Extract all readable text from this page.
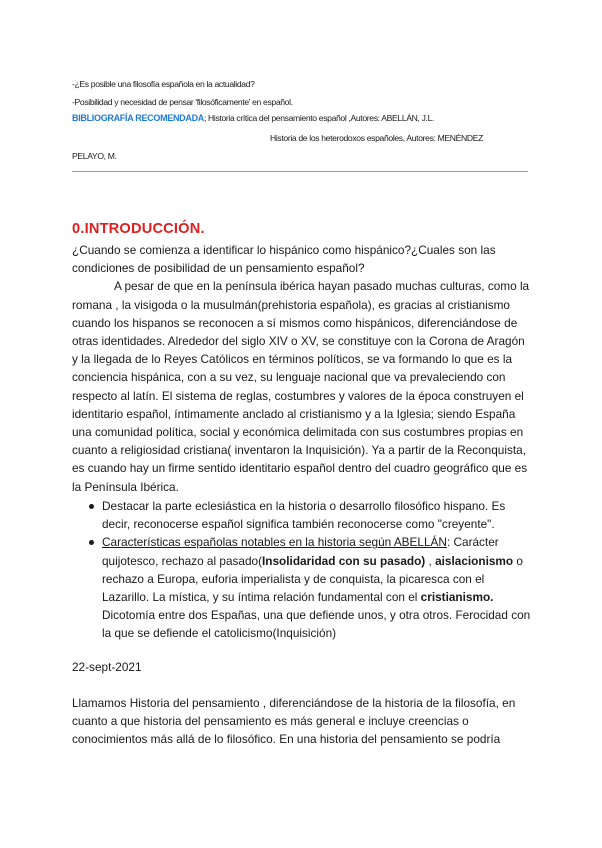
-¿Es posible una filosofía española en la actualidad?
-Posibilidad y necesidad de pensar 'filosóficamente' en español.
BIBLIOGRAFÍA RECOMENDADA; Historia crítica del pensamiento español ,Autores: ABELLÁN, J.L.
Historia de los heterodoxos españoles, Autores: MENÉNDEZ
PELAYO, M.
0.INTRODUCCIÓN.

¿Cuando se comienza a identificar lo hispánico como hispánico?¿Cuales son las condiciones de posibilidad de un pensamiento español?

A pesar de que en la península ibérica hayan pasado muchas culturas, como la romana , la visigoda o la musulmán(prehistoria española), es gracias al cristianismo cuando los hispanos se reconocen a sí mismos como hispánicos, diferenciándose de otras identidades. Alrededor del siglo XIV o XV, se constituye con la Corona de Aragón y la llegada de lo Reyes Católicos en términos políticos, se va formando lo que es la conciencia hispánica, con a su vez, su lenguaje nacional que va prevaleciendo con respecto al latín. El sistema de reglas, costumbres y valores de la época construyen el identitario español, íntimamente anclado al cristianismo y a la Iglesia; siendo España una comunidad política, social y económica delimitada con sus costumbres propias en cuanto a religiosidad cristiana( inventaron la Inquisición). Ya a partir de la Reconquista, es cuando hay un firme sentido identitario español dentro del cuadro geográfico que es la Península Ibérica.

Destacar la parte eclesiástica en la historia o desarrollo filosófico hispano. Es decir, reconocerse español significa también reconocerse como "creyente".
Características españolas notables en la historia según ABELLÁN: Carácter quijotesco, rechazo al pasado(Insolidaridad con su pasado) , aislacionismo o rechazo a Europa, euforia imperialista y de conquista, la picaresca con el Lazarillo. La mística, y su íntima relación fundamental con el cristianismo. Dicotomía entre dos Españas, una que defiende unos, y otra otros. Ferocidad con la que se defiende el catolicismo(Inquisición)
22-sept-2021

Llamamos Historia del pensamiento , diferenciándose de la historia de la filosofía, en cuanto a que historia del pensamiento es más general e incluye creencias o conocimientos más allá de lo filosófico. En una historia del pensamiento se podría
